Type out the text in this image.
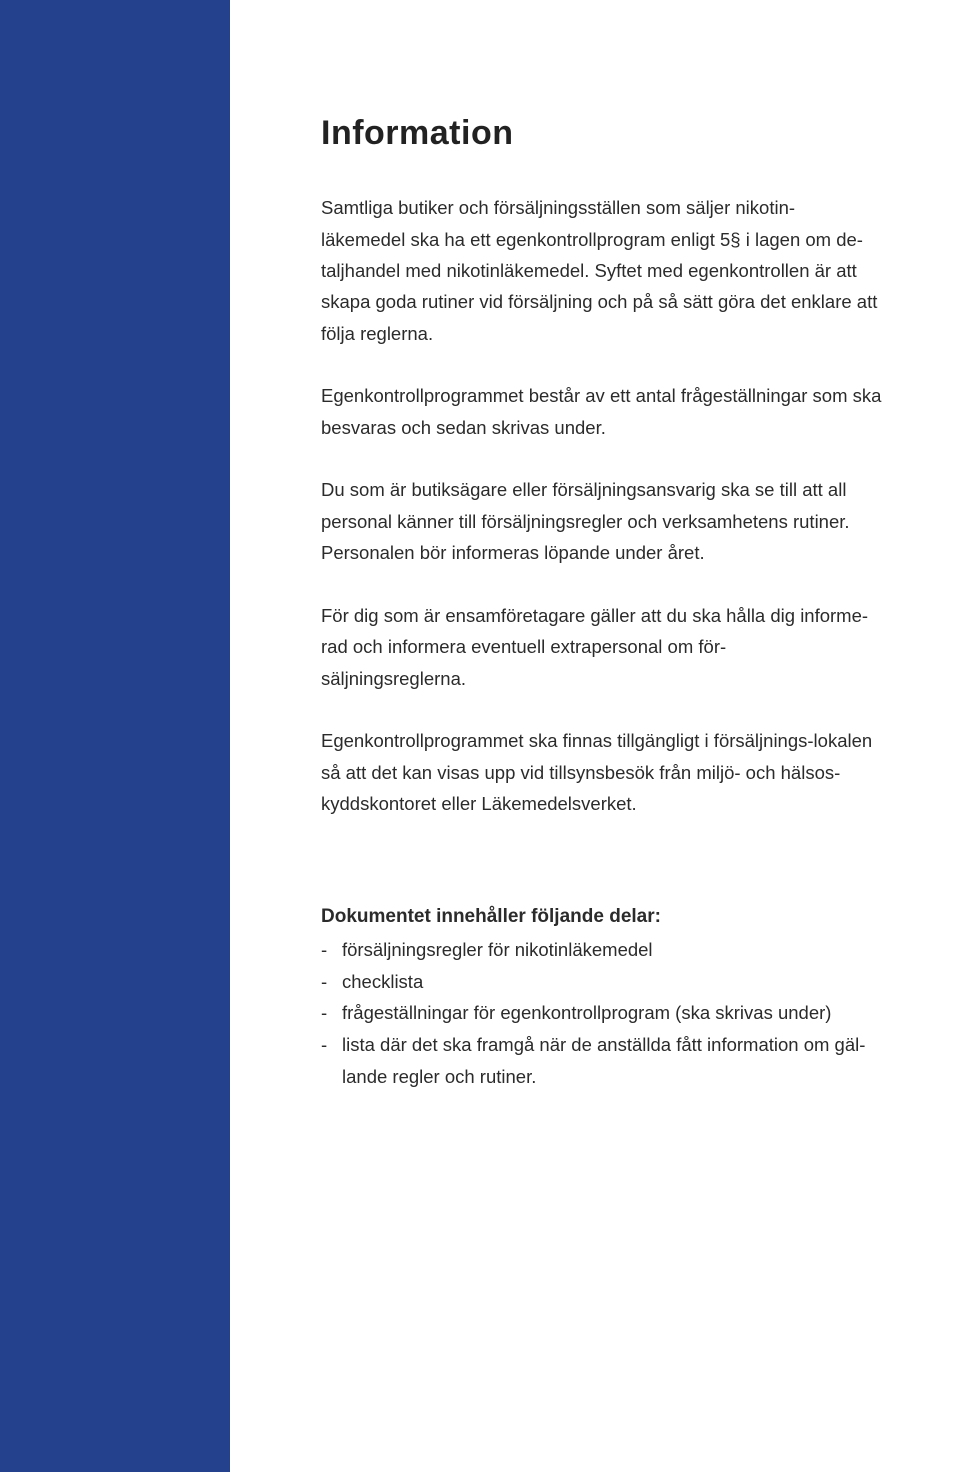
Information

Samtliga butiker och försäljningsställen som säljer nikotin-

läkemedel ska ha ett egenkontrollprogram enligt 5§ i lagen om de-

taljhandel med nikotinläkemedel. Syftet med egenkontrollen är att

skapa goda rutiner vid försäljning och på så sätt göra det enklare att

följa reglerna.

Egenkontrollprogrammet består av ett antal frågeställningar som ska

besvaras och sedan skrivas under.

Du som är butiksägare eller försäljningsansvarig ska se till att all

personal känner till försäljningsregler och verksamhetens rutiner.

Personalen bör informeras löpande under året.

För dig som är ensamföretagare gäller att du ska hålla dig informe-

rad och informera eventuell extrapersonal om för-

säljningsreglerna.

Egenkontrollprogrammet ska finnas tillgängligt i försäljnings-lokalen

så att det kan visas upp vid tillsynsbesök från miljö- och hälsos-

kyddskontoret eller Läkemedelsverket.

Dokumentet innehåller följande delar:

- försäljningsregler för nikotinläkemedel
- checklista
- frågeställningar för egenkontrollprogram (ska skrivas under)
- lista där det ska framgå när de anställda fått information om gäl-
lande regler och rutiner.
